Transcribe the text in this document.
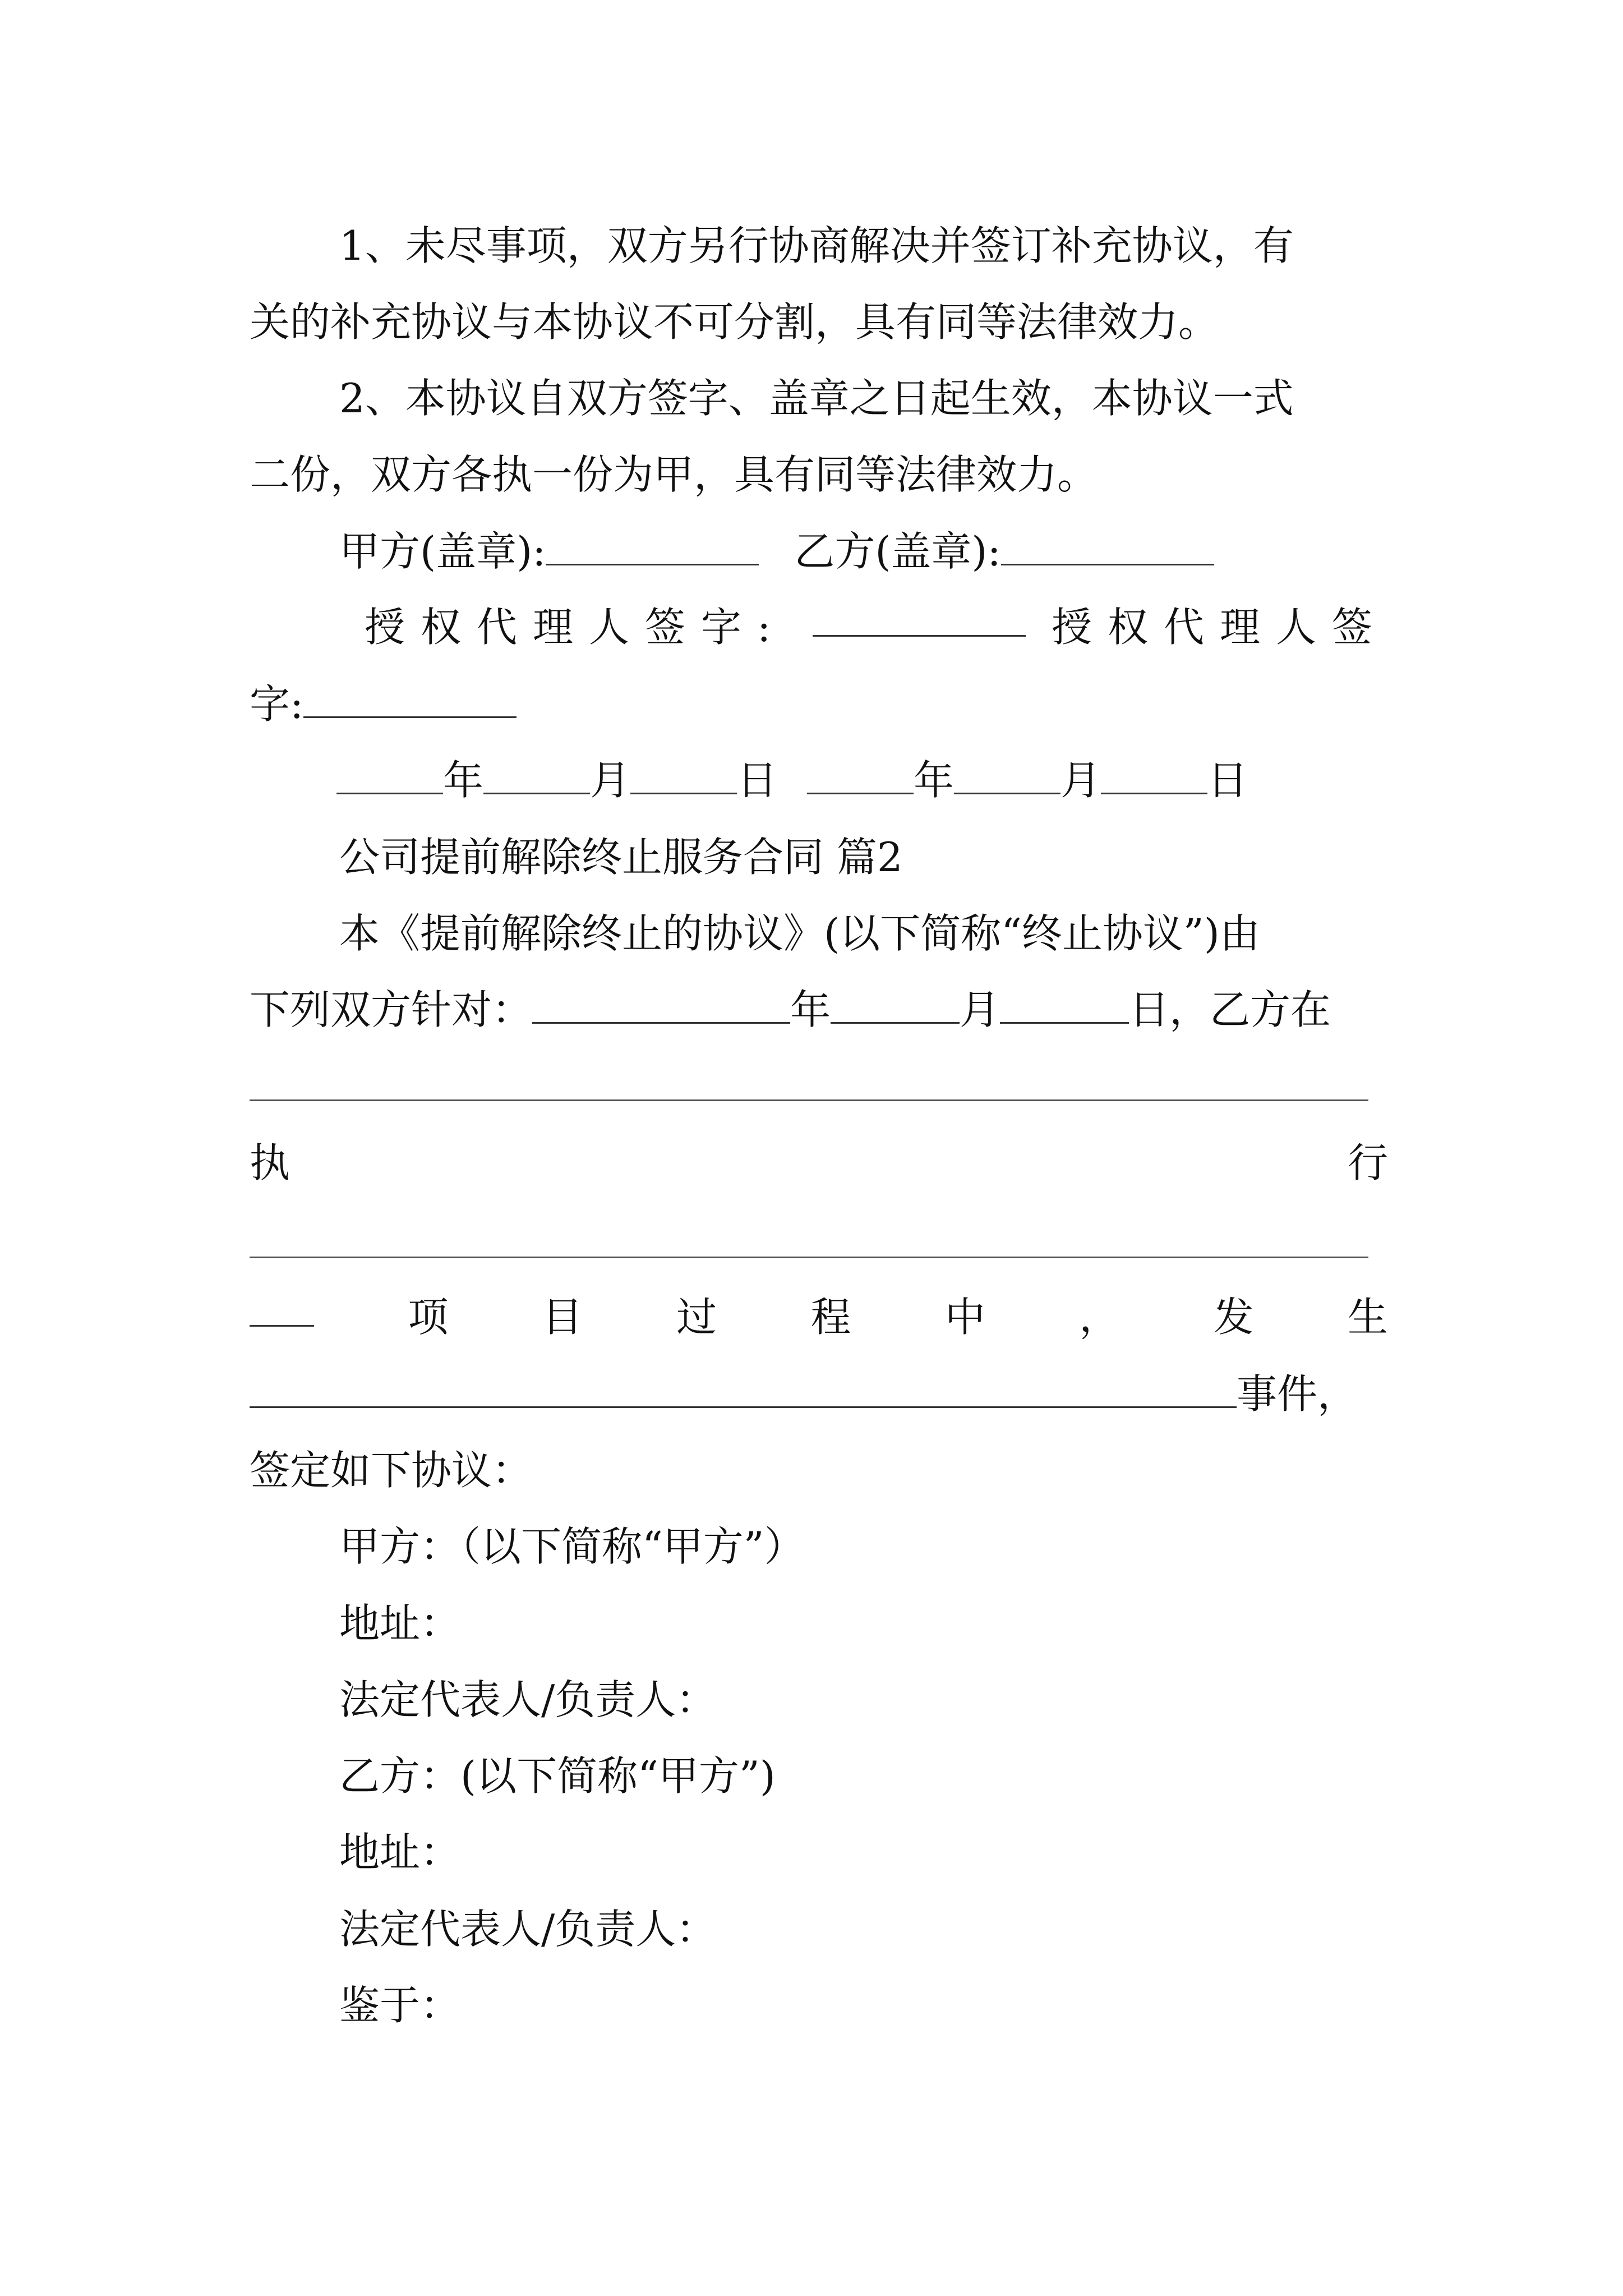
1、未尽事项，双方另行协商解决并签订补充协议，有
关的补充协议与本协议不可分割，具有同等法律效力。
2、本协议自双方签字、盖章之日起生效，本协议一式
二份，双方各执一份为甲，具有同等法律效力。
甲方(盖章):	乙方(盖章):
授权代理人签字:	授权代理人签
字:
年	月	日	年	月	日
公司提前解除终止服务合同 篇2
本《提前解除终止的协议》(以下简称“终止协议”)由
下列双方针对：	年	月	日，乙方在
执	行
项 目 过 程 中 ， 发 生
事件，
签定如下协议：
甲方：（以下简称“甲方”）
地址：
法定代表人/负责人：
乙方：(以下简称“甲方”)
地址：
法定代表人/负责人：
鉴于：
